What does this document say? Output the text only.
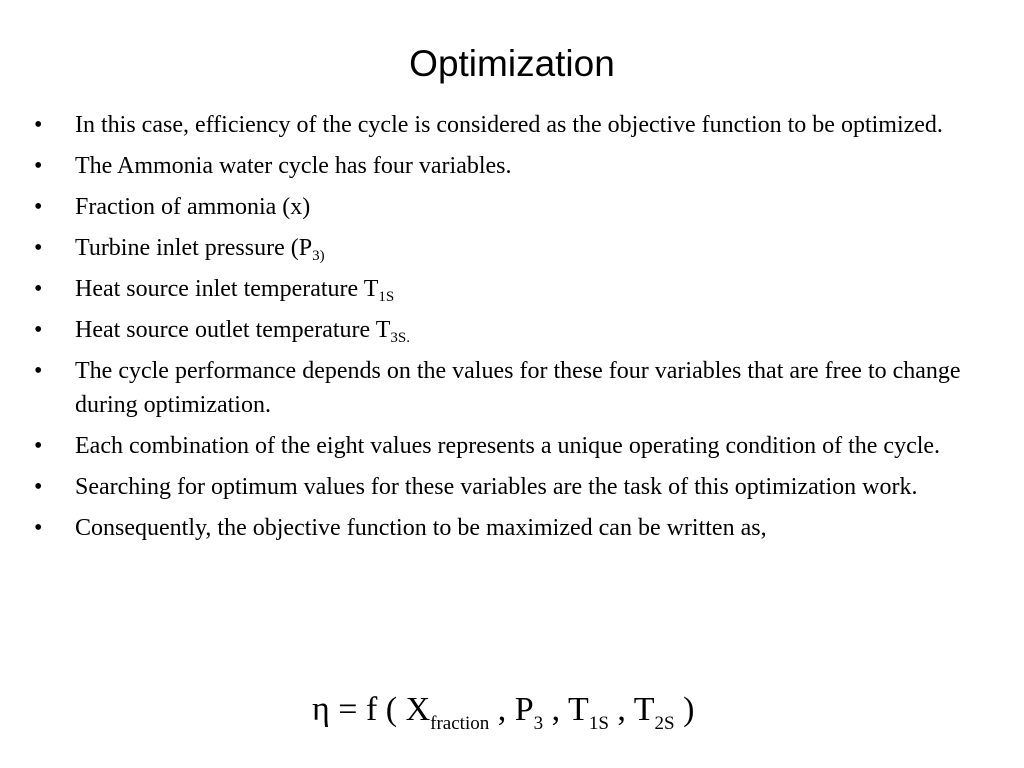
Optimization
• In this case, efficiency of the cycle is considered as the objective function to be optimized.
• The Ammonia water cycle has four variables.
• Fraction of ammonia (x)
• Turbine inlet pressure ($P_{3)}$
• Heat source inlet temperature $T_{1S}$
• Heat source outlet temperature $T_{3S.}$
• The cycle performance depends on the values for these four variables that are free to change during optimization.
• Each combination of the eight values represents a unique operating condition of the cycle.
• Searching for optimum values for these variables are the task of this optimization work.
• Consequently, the objective function to be maximized can be written as,
η = f ( $X_{fraction}$ , $P_3$ , $T_{1S}$ , $T_{2S}$ )
